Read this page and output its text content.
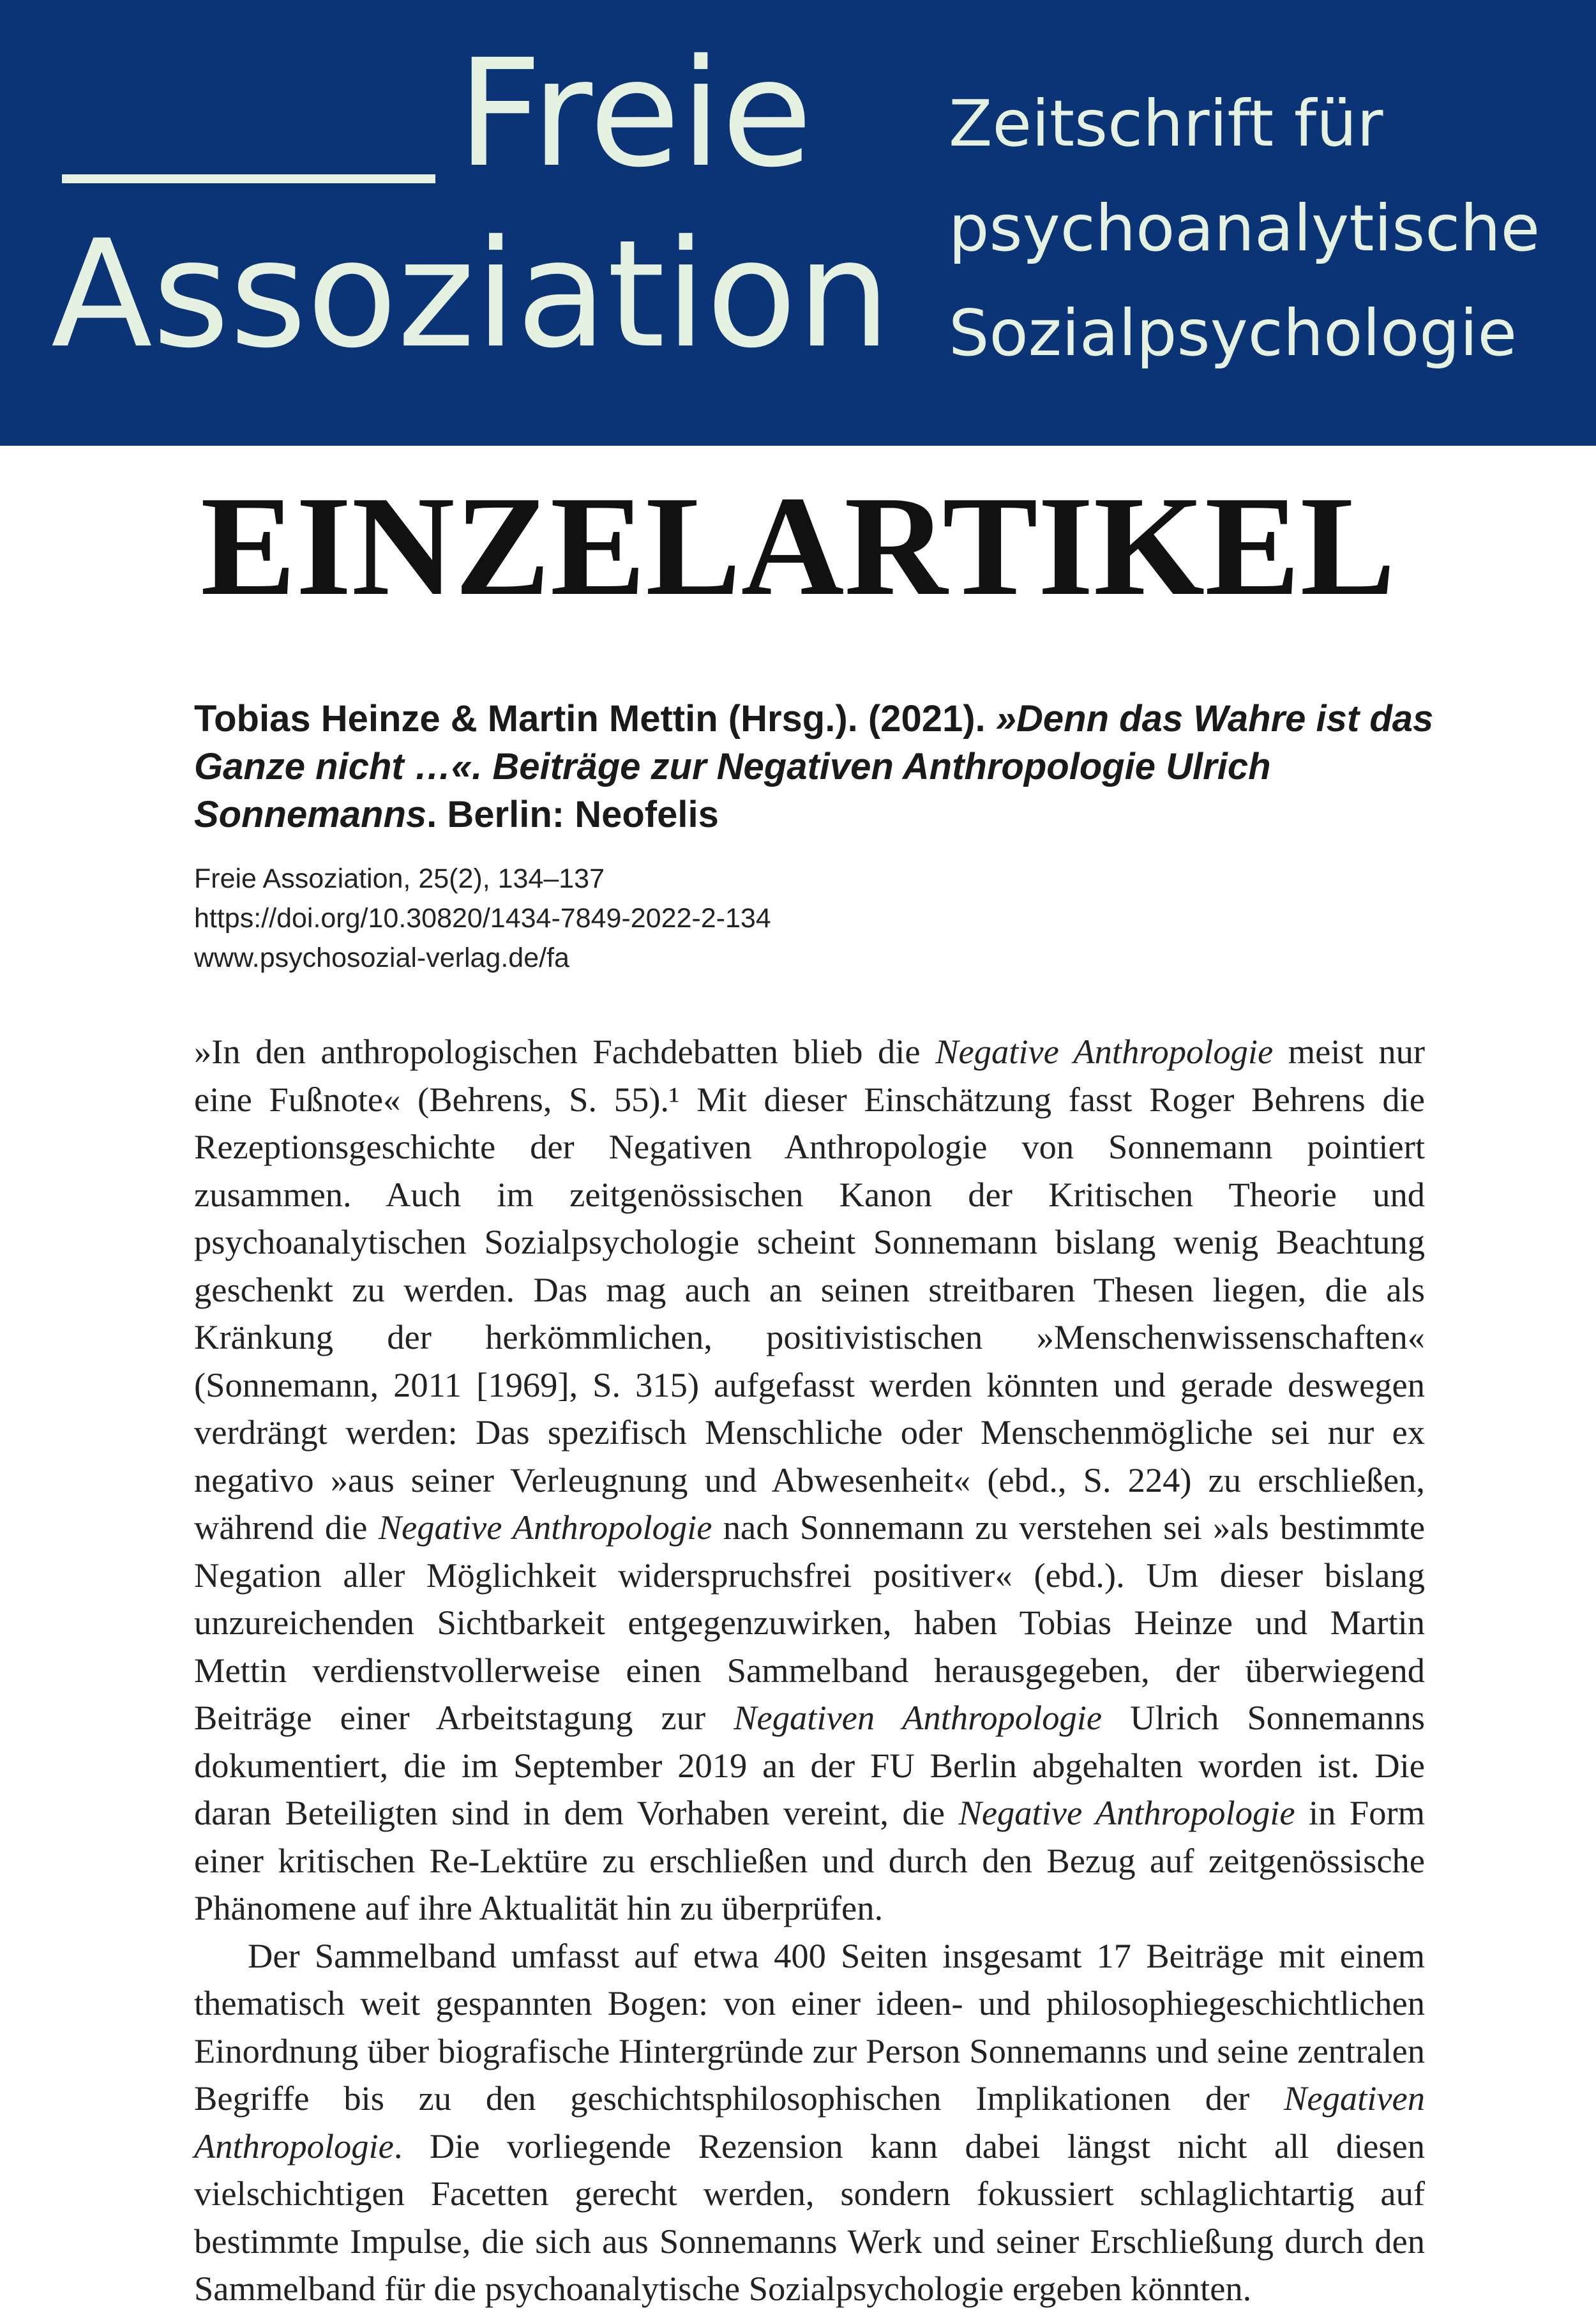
Freie
Assoziation
Zeitschrift für
psychoanalytische
Sozialpsychologie
EINZELARTIKEL
Tobias Heinze & Martin Mettin (Hrsg.). (2021). »Denn das Wahre ist das Ganze nicht …«. Beiträge zur Negativen Anthropologie Ulrich Sonnemanns. Berlin: Neofelis
Freie Assoziation, 25(2), 134–137
https://doi.org/10.30820/1434-7849-2022-2-134
www.psychosozial-verlag.de/fa

»In den anthropologischen Fachdebatten blieb die Negative Anthropologie meist nur eine Fußnote« (Behrens, S. 55).¹ Mit dieser Einschätzung fasst Roger Behrens die Rezeptionsgeschichte der Negativen Anthropologie von Sonnemann pointiert zusammen. Auch im zeitgenössischen Kanon der Kritischen Theorie und psychoanalytischen Sozialpsychologie scheint Sonnemann bislang wenig Beachtung geschenkt zu werden. Das mag auch an seinen streitbaren Thesen liegen, die als Kränkung der herkömmlichen, positivistischen »Menschenwissenschaften« (Sonnemann, 2011 [1969], S. 315) aufgefasst werden könnten und gerade deswegen verdrängt werden: Das spezifisch Menschliche oder Menschenmögliche sei nur ex negativo »aus seiner Verleugnung und Abwesenheit« (ebd., S. 224) zu erschließen, während die Negative Anthropologie nach Sonnemann zu verstehen sei »als bestimmte Negation aller Möglichkeit widerspruchsfrei positiver« (ebd.). Um dieser bislang unzureichenden Sichtbarkeit entgegenzuwirken, haben Tobias Heinze und Martin Mettin verdienstvollerweise einen Sammelband herausgegeben, der überwiegend Beiträge einer Arbeitstagung zur Negativen Anthropologie Ulrich Sonnemanns dokumentiert, die im September 2019 an der FU Berlin abgehalten worden ist. Die daran Beteiligten sind in dem Vorhaben vereint, die Negative Anthropologie in Form einer kritischen Re-Lektüre zu erschließen und durch den Bezug auf zeitgenössische Phänomene auf ihre Aktualität hin zu überprüfen.

Der Sammelband umfasst auf etwa 400 Seiten insgesamt 17 Beiträge mit einem thematisch weit gespannten Bogen: von einer ideen- und philosophiegeschichtlichen Einordnung über biografische Hintergründe zur Person Sonnemanns und seine zentralen Begriffe bis zu den geschichtsphilosophischen Implikationen der Negativen Anthropologie. Die vorliegende Rezension kann dabei längst nicht all diesen vielschichtigen Facetten gerecht werden, sondern fokussiert schlaglichtartig auf bestimmte Impulse, die sich aus Sonnemanns Werk und seiner Erschließung durch den Sammelband für die psychoanalytische Sozialpsychologie ergeben könnten.
